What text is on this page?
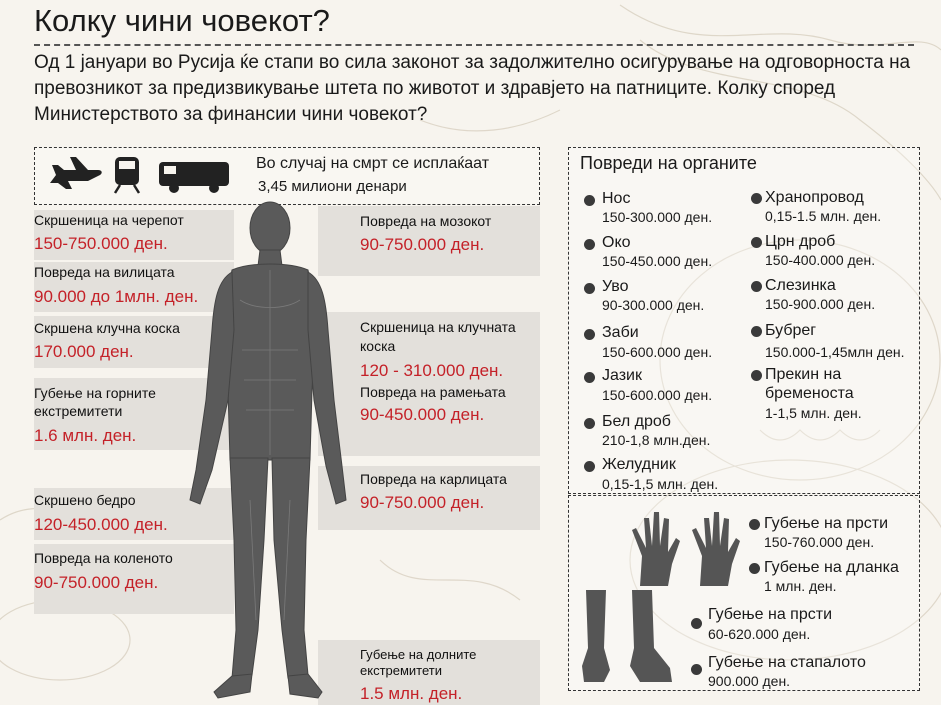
Колку чини човекот?
Од 1 јануари во Русија ќе стапи во сила законот за задолжително осигурување на одговорноста на превозникот за предизвикување штета по животот и здравјето на патниците. Колку според Министерството за финансии чини човекот?
Во случај на смрт се исплаќаат
3,45 милиони денари
Скршеница на черепот
150-750.000 ден.
Повреда на вилицата
90.000 до 1млн. ден.
Скршена клучна коска
170.000 ден.
Губење на горните
екстремитети
1.6 млн. ден.
Скршено бедро
120-450.000 ден.
Повреда на коленото
90-750.000 ден.
Повреда на мозокот
90-750.000 ден.
Скршеница на клучната
коска
120 - 310.000 ден.
Повреда на рамењата
90-450.000 ден.
Повреда на карлицата
90-750.000 ден.
Губење на долните
екстремитети
1.5 млн. ден.
Повреди на органите
Нос
150-300.000 ден.
Око
150-450.000 ден.
Уво
90-300.000 ден.
Заби
150-600.000 ден.
Јазик
150-600.000 ден.
Бел дроб
210-1,8 млн.ден.
Желудник
0,15-1,5 млн. ден.
Хранопровод
0,15-1.5 млн. ден.
Црн дроб
150-400.000 ден.
Слезинка
150-900.000 ден.
Бубрег
150.000-1,45млн ден.
Прекин на
бременоста
1-1,5 млн. ден.
Губење на прсти
150-760.000 ден.
Губење на дланка
1 млн. ден.
Губење на прсти
60-620.000 ден.
Губење на стапалото
900.000 ден.
